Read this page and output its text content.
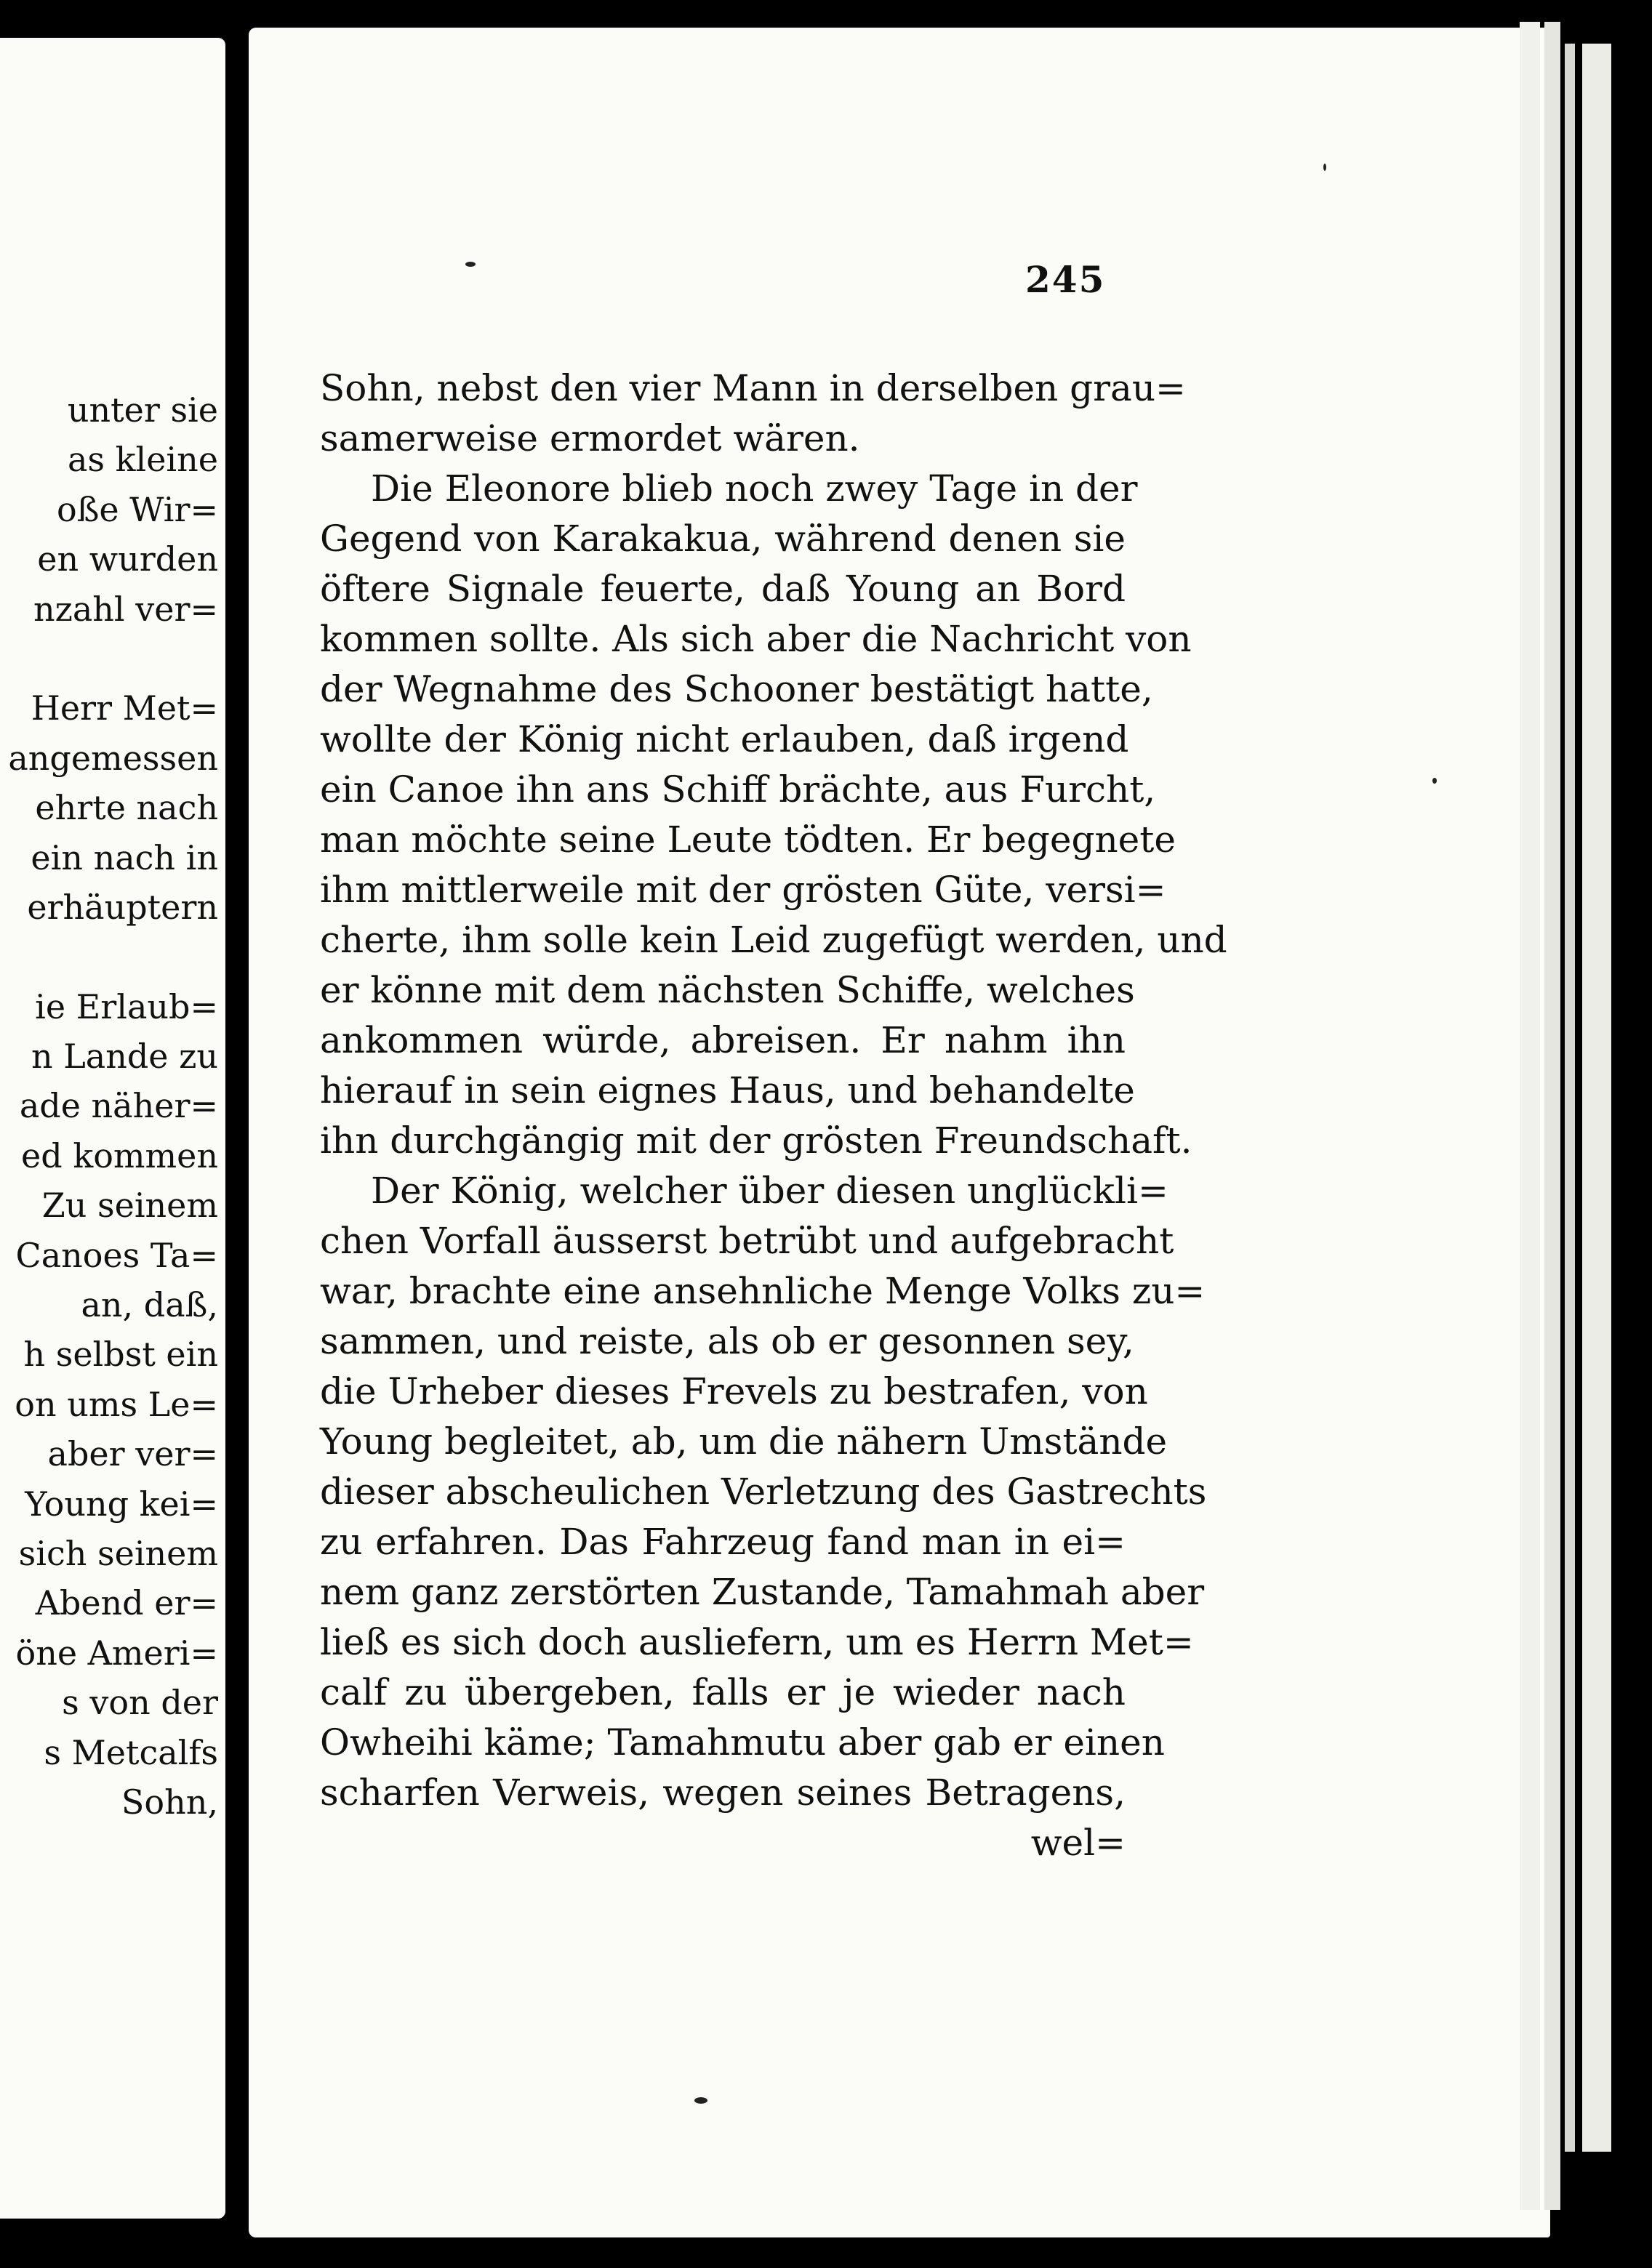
unter sie
as kleine
oße Wir=
en wurden
nzahl ver=
Herr Met=
angemessen
ehrte nach
ein nach in
erhäuptern
ie Erlaub=
n Lande zu
ade näher=
ed kommen
Zu seinem
Canoes Ta=
an, daß,
h selbst ein
on ums Le=
aber ver=
Young kei=
sich seinem
Abend er=
öne Ameri=
s von der
s Metcalfs
Sohn,
245
Sohn, nebst den vier Mann in derselben grau=
samerweise ermordet wären.
Die Eleonore blieb noch zwey Tage in der
Gegend von Karakakua, während denen sie
öftere Signale feuerte, daß Young an Bord
kommen sollte. Als sich aber die Nachricht von
der Wegnahme des Schooner bestätigt hatte,
wollte der König nicht erlauben, daß irgend
ein Canoe ihn ans Schiff brächte, aus Furcht,
man möchte seine Leute tödten. Er begegnete
ihm mittlerweile mit der grösten Güte, versi=
cherte, ihm solle kein Leid zugefügt werden, und
er könne mit dem nächsten Schiffe, welches
ankommen würde, abreisen. Er nahm ihn
hierauf in sein eignes Haus, und behandelte
ihn durchgängig mit der grösten Freundschaft.
Der König, welcher über diesen unglückli=
chen Vorfall äusserst betrübt und aufgebracht
war, brachte eine ansehnliche Menge Volks zu=
sammen, und reiste, als ob er gesonnen sey,
die Urheber dieses Frevels zu bestrafen, von
Young begleitet, ab, um die nähern Umstände
dieser abscheulichen Verletzung des Gastrechts
zu erfahren. Das Fahrzeug fand man in ei=
nem ganz zerstörten Zustande, Tamahmah aber
ließ es sich doch ausliefern, um es Herrn Met=
calf zu übergeben, falls er je wieder nach
Owheihi käme; Tamahmutu aber gab er einen
scharfen Verweis, wegen seines Betragens,
wel=
